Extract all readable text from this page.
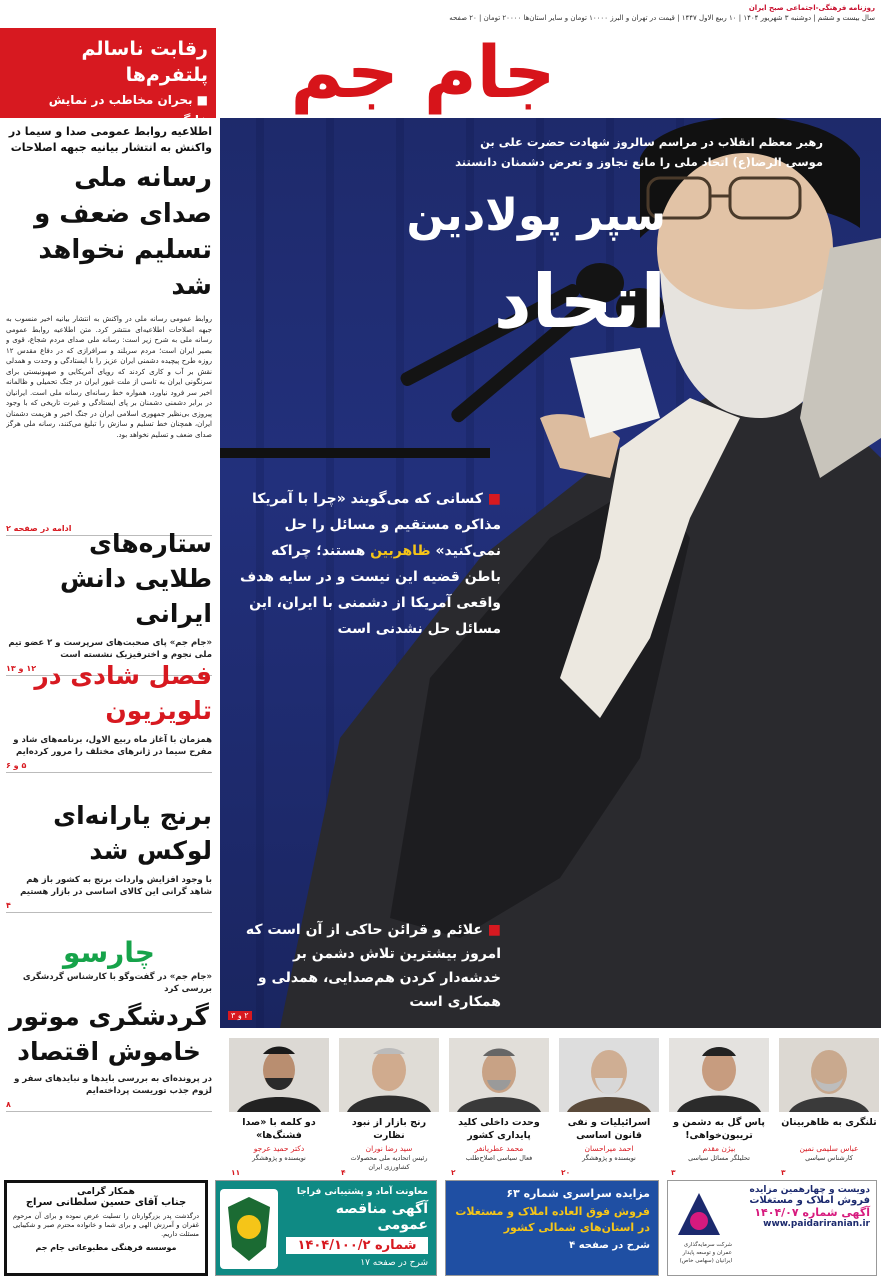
روزنامه فرهنگی-اجتماعی صبح ایران
سال بیست و ششم | دوشنبه ۳ شهریور ۱۴۰۴ | ۱۰ ربیع الاول ۱۴۴۷ | قیمت در تهران و البرز ۱۰۰۰۰ تومان و سایر استان‌ها ۲۰۰۰۰ تومان | ۲۰ صفحه
جام جم
رقابت ناسالم پلتفرم‌ها
■ بحران مخاطب در نمایش
اطلاعیه روابط عمومی صدا و سیما در واکنش به انتشار بیانیه جبهه اصلاحات
رسانه ملی صدای ضعف و تسلیم نخواهد شد
روابط عمومی رسانه ملی در واکنش به انتشار بیانیه اخیر منسوب به جبهه اصلاحات اطلاعیه‌ای منتشر کرد. متن اطلاعیه روابط عمومی رسانه ملی به شرح زیر است: رسانه ملی صدای مردم شجاع، قوی و بصیر ایران است؛ مردم سربلند و سرافرازی که در دفاع مقدس ۱۲ روزه طرح پیچیده دشمنی ایران عزیز را با ایستادگی و وحدت و همدلی نقش بر آب و کاری کردند که رویای آمریکایی و صهیونیستی برای سرنگونی ایران به تاسی از ملت غیور ایران در جنگ تحمیلی و ظالمانه اخیر سر فرود نیاورد، همواره خط رسانه‌ای رسانه ملی است. ایرانیان در برابر دشمنی دشمنان بر پای ایستادگی و غیرت تاریخی که با وجود پیروزی بی‌نظیر جمهوری اسلامی ایران در جنگ اخیر و هزیمت دشمنان ایران، همچنان خط تسلیم و سازش را تبلیغ می‌کنند، رسانه ملی هرگز صدای ضعف و تسلیم نخواهد بود.
ادامه در صفحه ۲
ستاره‌های طلایی دانش ایرانی
«جام جم» پای صحبت‌های سرپرست و ۲ عضو تیم ملی نجوم و اخترفیزیک نشسته است
۱۲ و ۱۳
فصل شادی در تلویزیون
همزمان با آغاز ماه ربیع الاول، برنامه‌های شاد و مفرح سیما در ژانرهای مختلف را مرور کرده‌ایم
۵ و ۶
برنج یارانه‌ای لوکس شد
با وجود افزایش واردات برنج به کشور باز هم شاهد گرانی این کالای اساسی در بازار هستیم
۴
چارسو
«جام جم» در گفت‌وگو با کارشناس گردشگری بررسی کرد
گردشگری موتور خاموش اقتصاد
در پرونده‌ای به بررسی بایدها و نبایدهای سفر و لزوم جذب توریست پرداخته‌ایم
۸
رهبر معظم انقلاب در مراسم سالروز شهادت حضرت علی بن موسی الرضا(ع) اتحاد ملی را مانع تجاوز و تعرض دشمنان دانستند
سپر پولادین
اتحاد
■ کسانی که می‌گویند «چرا با آمریکا مذاکره مستقیم و مسائل را حل نمی‌کنید» ظاهربین هستند؛ چراکه باطن قضیه این نیست و در سایه هدف واقعی آمریکا از دشمنی با ایران، این مسائل حل نشدنی است
■ علائم و قرائن حاکی از آن است که امروز بیشترین تلاش دشمن بر خدشه‌دار کردن هم‌صدایی، همدلی و همکاری است
۲ و ۳
تلنگری به ظاهربینان
عباس سلیمی نمین
کارشناس سیاسی
۳
پاس گل به دشمن و تریبون‌خواهی!
بیژن مقدم
تحلیلگر مسائل سیاسی
۳
اسرائیلیات و نفی قانون اساسی
احمد میراحسان
نویسنده و پژوهشگر
۲۰
وحدت داخلی کلید پایداری کشور
محمد عطریانفر
فعال سیاسی اصلاح‌طلب
۲
رنج بازار از نبود نظارت
سید رضا نوران
رئیس اتحادیه ملی محصولات کشاورزی ایران
۴
دو کلمه با «صدا فشنگ‌ها»
دکتر حمید عرجو
نویسنده و پژوهشگر
۱۱
دویست و چهارهمین مزایده
فروش املاک و مستغلات
آگهی شماره ۱۴۰۴/۰۷
www.paidariranian.ir
شرکت سرمایه‌گذاری عمران و توسعه پایدار ایرانیان (سهامی خاص)
مزایده سراسری شماره ۶۳
فروش فوق العاده املاک و مستغلات در استان‌های شمالی کشور
شرح در صفحه ۴
معاونت آماد و پشتیبانی فراجا
آگهی مناقصه عمومی
شماره ۱۴۰۴/۱۰۰/۲
شرح در صفحه ۱۷
همکار گرامی
جناب آقای حسین سلطانی سراج
درگذشت پدر بزرگوارتان را تسلیت عرض نموده و برای آن مرحوم غفران و آمرزش الهی و برای شما و خانواده محترم صبر و شکیبایی مسئلت داریم.
موسسه فرهنگی مطبوعاتی جام جم
